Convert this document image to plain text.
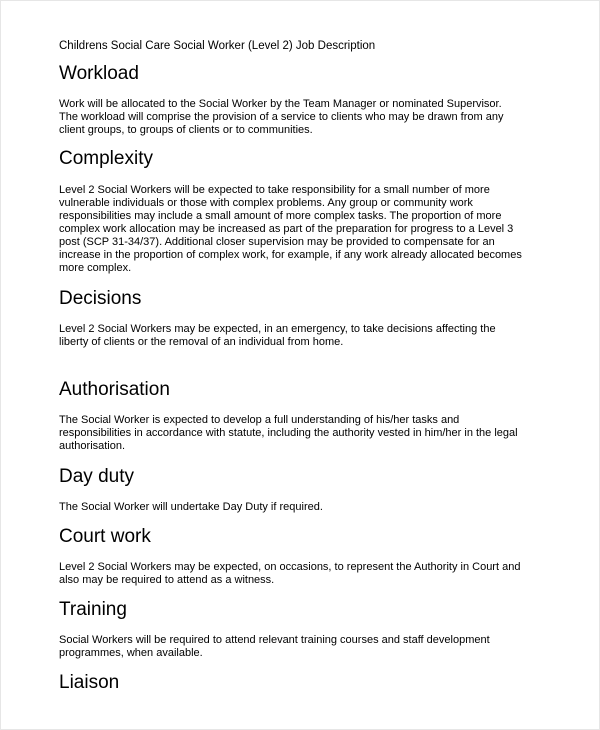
Childrens Social Care Social Worker (Level 2) Job Description
Workload
Work will be allocated to the Social Worker by the Team Manager or nominated Supervisor.
The workload will comprise the provision of a service to clients who may be drawn from any
client groups, to groups of clients or to communities.
Complexity
Level 2 Social Workers will be expected to take responsibility for a small number of more
vulnerable individuals or those with complex problems. Any group or community work
responsibilities may include a small amount of more complex tasks. The proportion of more
complex work allocation may be increased as part of the preparation for progress to a Level 3
post (SCP 31-34/37). Additional closer supervision may be provided to compensate for an
increase in the proportion of complex work, for example, if any work already allocated becomes
more complex.
Decisions
Level 2 Social Workers may be expected, in an emergency, to take decisions affecting the
liberty of clients or the removal of an individual from home.
Authorisation
The Social Worker is expected to develop a full understanding of his/her tasks and
responsibilities in accordance with statute, including the authority vested in him/her in the legal
authorisation.
Day duty
The Social Worker will undertake Day Duty if required.
Court work
Level 2 Social Workers may be expected, on occasions, to represent the Authority in Court and
also may be required to attend as a witness.
Training
Social Workers will be required to attend relevant training courses and staff development
programmes, when available.
Liaison
